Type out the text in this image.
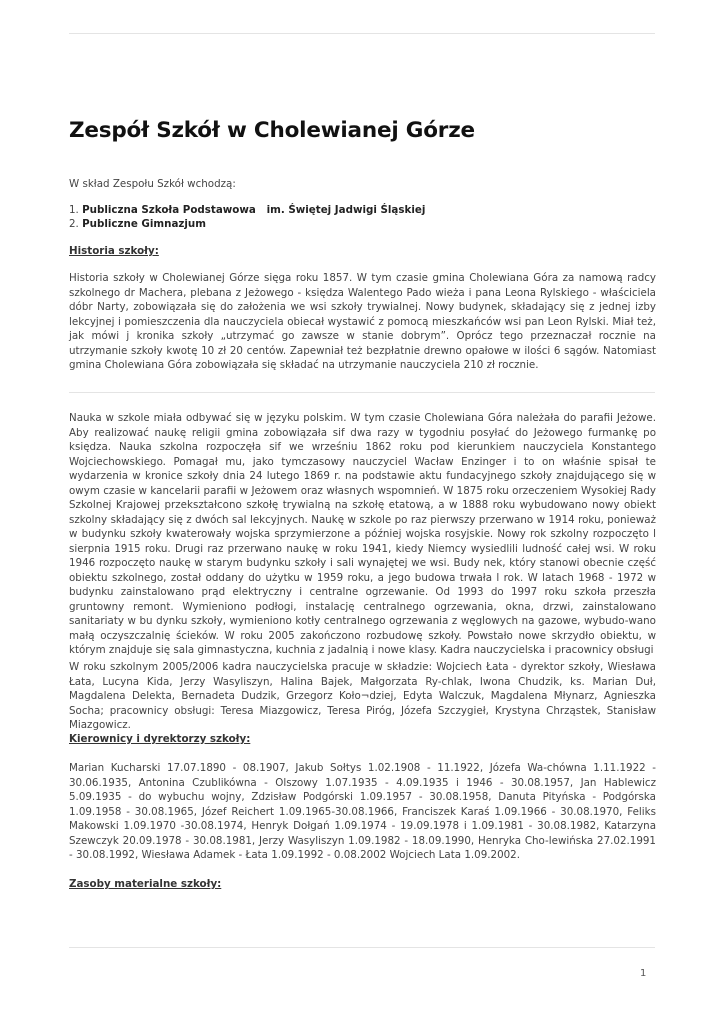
Zespół Szkół w Cholewianej Górze

W skład Zespołu Szkół wchodzą:

1. Publiczna Szkoła Podstawowa   im. Świętej Jadwigi Śląskiej
2. Publiczne Gimnazjum

Historia szkoły:

Historia szkoły w Cholewianej Górze sięga roku 1857. W tym czasie gmina Cholewiana Góra za namową radcy szkolnego dr Machera, plebana z Jeżowego - księdza Walentego Pado wieża i pana Leona Rylskiego - właściciela dóbr Narty, zobowiązała się do założenia we wsi szkoły trywialnej. Nowy budynek, składający się z jednej izby lekcyjnej i pomieszczenia dla nauczyciela obiecał wystawić z pomocą mieszkańców wsi pan Leon Rylski. Miał też, jak mówi j kronika szkoły „utrzymać go zawsze w stanie dobrym”. Oprócz tego przeznaczał rocznie na utrzymanie szkoły kwotę 10 zł 20 centów. Zapewniał też bezpłatnie drewno opałowe w ilości 6 sągów. Natomiast gmina Cholewiana Góra zobowiązała się składać na utrzymanie nauczyciela 210 zł rocznie.

Nauka w szkole miała odbywać się w języku polskim. W tym czasie Cholewiana Góra należała do parafii Jeżowe. Aby realizować naukę religii gmina zobowiązała sif dwa razy w tygodniu posyłać do Jeżowego furmankę po księdza. Nauka szkolna rozpoczęła sif we wrześniu 1862 roku pod kierunkiem nauczyciela Konstantego Wojciechowskiego. Pomagał mu, jako tymczasowy nauczyciel Wacław Enzinger i to on właśnie spisał te wydarzenia w kronice szkoły dnia 24 lutego 1869 r. na podstawie aktu fundacyjnego szkoły znajdującego się w owym czasie w kancelarii parafii w Jeżowem oraz własnych wspomnień. W 1875 roku orzeczeniem Wysokiej Rady Szkolnej Krajowej przekształcono szkołę trywialną na szkołę etatową, a w 1888 roku wybudowano nowy obiekt szkolny składający się z dwóch sal lekcyjnych. Naukę w szkole po raz pierwszy przerwano w 1914 roku, ponieważ w budynku szkoły kwaterowały wojska sprzymierzone a później wojska rosyjskie. Nowy rok szkolny rozpoczęto l sierpnia 1915 roku. Drugi raz przerwano naukę w roku 1941, kiedy Niemcy wysiedlili ludność całej wsi. W roku 1946 rozpoczęto naukę w starym budynku szkoły i sali wynajętej we wsi. Budy nek, który stanowi obecnie część obiektu szkolnego, został oddany do użytku w 1959 roku, a jego budowa trwała l rok. W latach 1968 - 1972 w budynku zainstalowano prąd elektryczny i centralne ogrzewanie. Od 1993 do 1997 roku szkoła przeszła gruntowny remont. Wymieniono podłogi, instalację centralnego ogrzewania, okna, drzwi, zainstalowano sanitariaty w bu dynku szkoły, wymieniono kotły centralnego ogrzewania z węglowych na gazowe, wybudo-wano małą oczyszczalnię ścieków. W roku 2005 zakończono rozbudowę szkoły. Powstało nowe skrzydło obiektu, w którym znajduje się sala gimnastyczna, kuchnia z jadalnią i nowe klasy. Kadra nauczycielska i pracownicy obsługi

W roku szkolnym 2005/2006 kadra nauczycielska pracuje w składzie: Wojciech Łata - dyrektor szkoły, Wiesława Łata, Lucyna Kida, Jerzy Wasyliszyn, Halina Bajek, Małgorzata Ry-chlak, Iwona Chudzik, ks. Marian Duł, Magdalena Delekta, Bernadeta Dudzik, Grzegorz Koło¬dziej, Edyta Walczuk, Magdalena Młynarz, Agnieszka Socha; pracownicy obsługi: Teresa Miazgowicz, Teresa Piróg, Józefa Szczygieł, Krystyna Chrząstek, Stanisław Miazgowicz.

Kierownicy i dyrektorzy szkoły:

Marian Kucharski 17.07.1890 - 08.1907, Jakub Sołtys 1.02.1908 - 11.1922, Józefa Wa-chówna 1.11.1922 - 30.06.1935, Antonina Czublikówna - Olszowy 1.07.1935 - 4.09.1935 i 1946 - 30.08.1957, Jan Hablewicz 5.09.1935 - do wybuchu wojny, Zdzisław Podgórski 1.09.1957 - 30.08.1958, Danuta Pityńska - Podgórska 1.09.1958 - 30.08.1965, Józef Reichert 1.09.1965-30.08.1966, Franciszek Karaś 1.09.1966 - 30.08.1970, Feliks Makowski 1.09.1970 -30.08.1974, Henryk Dołgań 1.09.1974 - 19.09.1978 i 1.09.1981 - 30.08.1982, Katarzyna Szewczyk 20.09.1978 - 30.08.1981, Jerzy Wasyliszyn 1.09.1982 - 18.09.1990, Henryka Cho-lewińska 27.02.1991 - 30.08.1992, Wiesława Adamek - Łata 1.09.1992 - 0.08.2002 Wojciech Lata 1.09.2002.

Zasoby materialne szkoły:

1
